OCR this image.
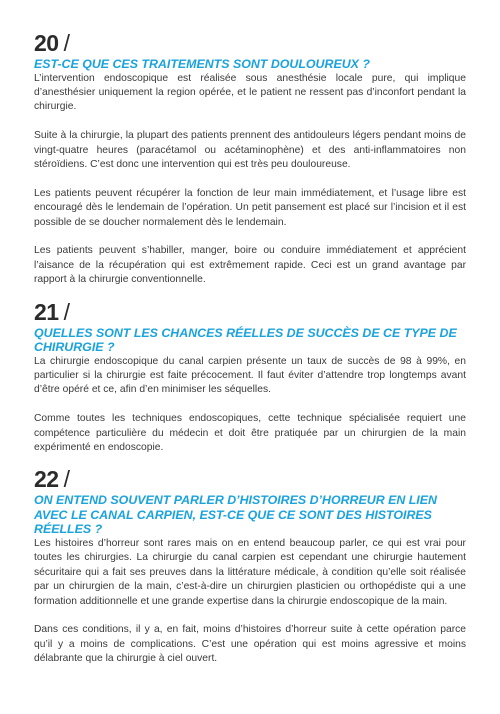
20 /
EST-CE QUE CES TRAITEMENTS SONT DOULOUREUX ?

L’intervention endoscopique est réalisée sous anesthésie locale pure, qui implique d’anesthésier uniquement la region opérée, et le patient ne ressent pas d’inconfort pendant la chirurgie.

Suite à la chirurgie, la plupart des patients prennent des antidouleurs légers pendant moins de vingt-quatre heures (paracétamol ou acétaminophène) et des anti-inflammatoires non stéroïdiens. C’est donc une intervention qui est très peu douloureuse.

Les patients peuvent récupérer la fonction de leur main immédiatement, et l’usage libre est encouragé dès le lendemain de l’opération. Un petit pansement est placé sur l’incision et il est possible de se doucher normalement dès le lendemain.

Les patients peuvent s’habiller, manger, boire ou conduire immédiatement et apprécient l’aisance de la récupération qui est extrêmement rapide. Ceci est un grand avantage par rapport à la chirurgie conventionnelle.

21 /
QUELLES SONT LES CHANCES RÉELLES DE SUCCÈS DE CE TYPE DE CHIRURGIE ?

La chirurgie endoscopique du canal carpien présente un taux de succès de 98 à 99%, en particulier si la chirurgie est faite précocement. Il faut éviter d’attendre trop longtemps avant d’être opéré et ce, afin d’en minimiser les séquelles.

Comme toutes les techniques endoscopiques, cette technique spécialisée requiert une compétence particulière du médecin et doit être pratiquée par un chirurgien de la main expérimenté en endoscopie.

22 /
ON ENTEND SOUVENT PARLER D’HISTOIRES D’HORREUR EN LIEN AVEC LE CANAL CARPIEN, EST-CE QUE CE SONT DES HISTOIRES RÉELLES ?

Les histoires d’horreur sont rares mais on en entend beaucoup parler, ce qui est vrai pour toutes les chirurgies. La chirurgie du canal carpien est cependant une chirurgie hautement sécuritaire qui a fait ses preuves dans la littérature médicale, à condition qu’elle soit réalisée par un chirurgien de la main, c’est-à-dire un chirurgien plasticien ou orthopédiste qui a une formation additionnelle et une grande expertise dans la chirurgie endoscopique de la main.

Dans ces conditions, il y a, en fait, moins d’histoires d’horreur suite à cette opération parce qu’il y a moins de complications. C’est une opération qui est moins agressive et moins délabrante que la chirurgie à ciel ouvert.
